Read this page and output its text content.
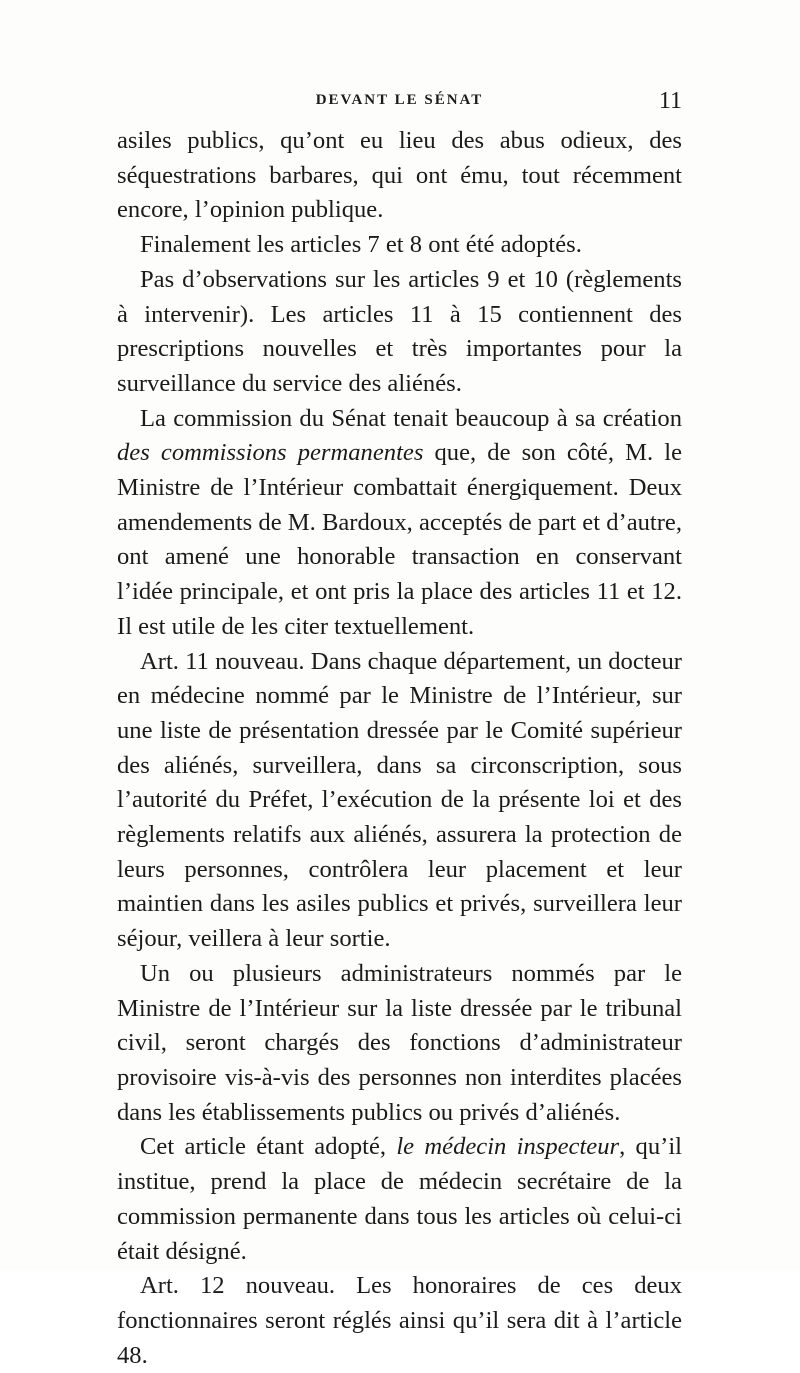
DEVANT LE SÉNAT	11

asiles publics, qu’ont eu lieu des abus odieux, des séquestrations barbares, qui ont ému, tout récemment encore, l’opinion publique.

Finalement les articles 7 et 8 ont été adoptés.

Pas d’observations sur les articles 9 et 10 (règlements à intervenir). Les articles 11 à 15 contiennent des prescriptions nouvelles et très importantes pour la surveillance du service des aliénés.

La commission du Sénat tenait beaucoup à sa création des commissions permanentes que, de son côté, M. le Ministre de l’Intérieur combattait énergiquement. Deux amendements de M. Bardoux, acceptés de part et d’autre, ont amené une honorable transaction en conservant l’idée principale, et ont pris la place des articles 11 et 12. Il est utile de les citer textuellement.

Art. 11 nouveau. Dans chaque département, un docteur en médecine nommé par le Ministre de l’Intérieur, sur une liste de présentation dressée par le Comité supérieur des aliénés, surveillera, dans sa circonscription, sous l’autorité du Préfet, l’exécution de la présente loi et des règlements relatifs aux aliénés, assurera la protection de leurs personnes, contrôlera leur placement et leur maintien dans les asiles publics et privés, surveillera leur séjour, veillera à leur sortie.

Un ou plusieurs administrateurs nommés par le Ministre de l’Intérieur sur la liste dressée par le tribunal civil, seront chargés des fonctions d’administrateur provisoire vis-à-vis des personnes non interdites placées dans les établissements publics ou privés d’aliénés.

Cet article étant adopté, le médecin inspecteur, qu’il institue, prend la place de médecin secrétaire de la commission permanente dans tous les articles où celui-ci était désigné.

Art. 12 nouveau. Les honoraires de ces deux fonctionnaires seront réglés ainsi qu’il sera dit à l’article 48.
